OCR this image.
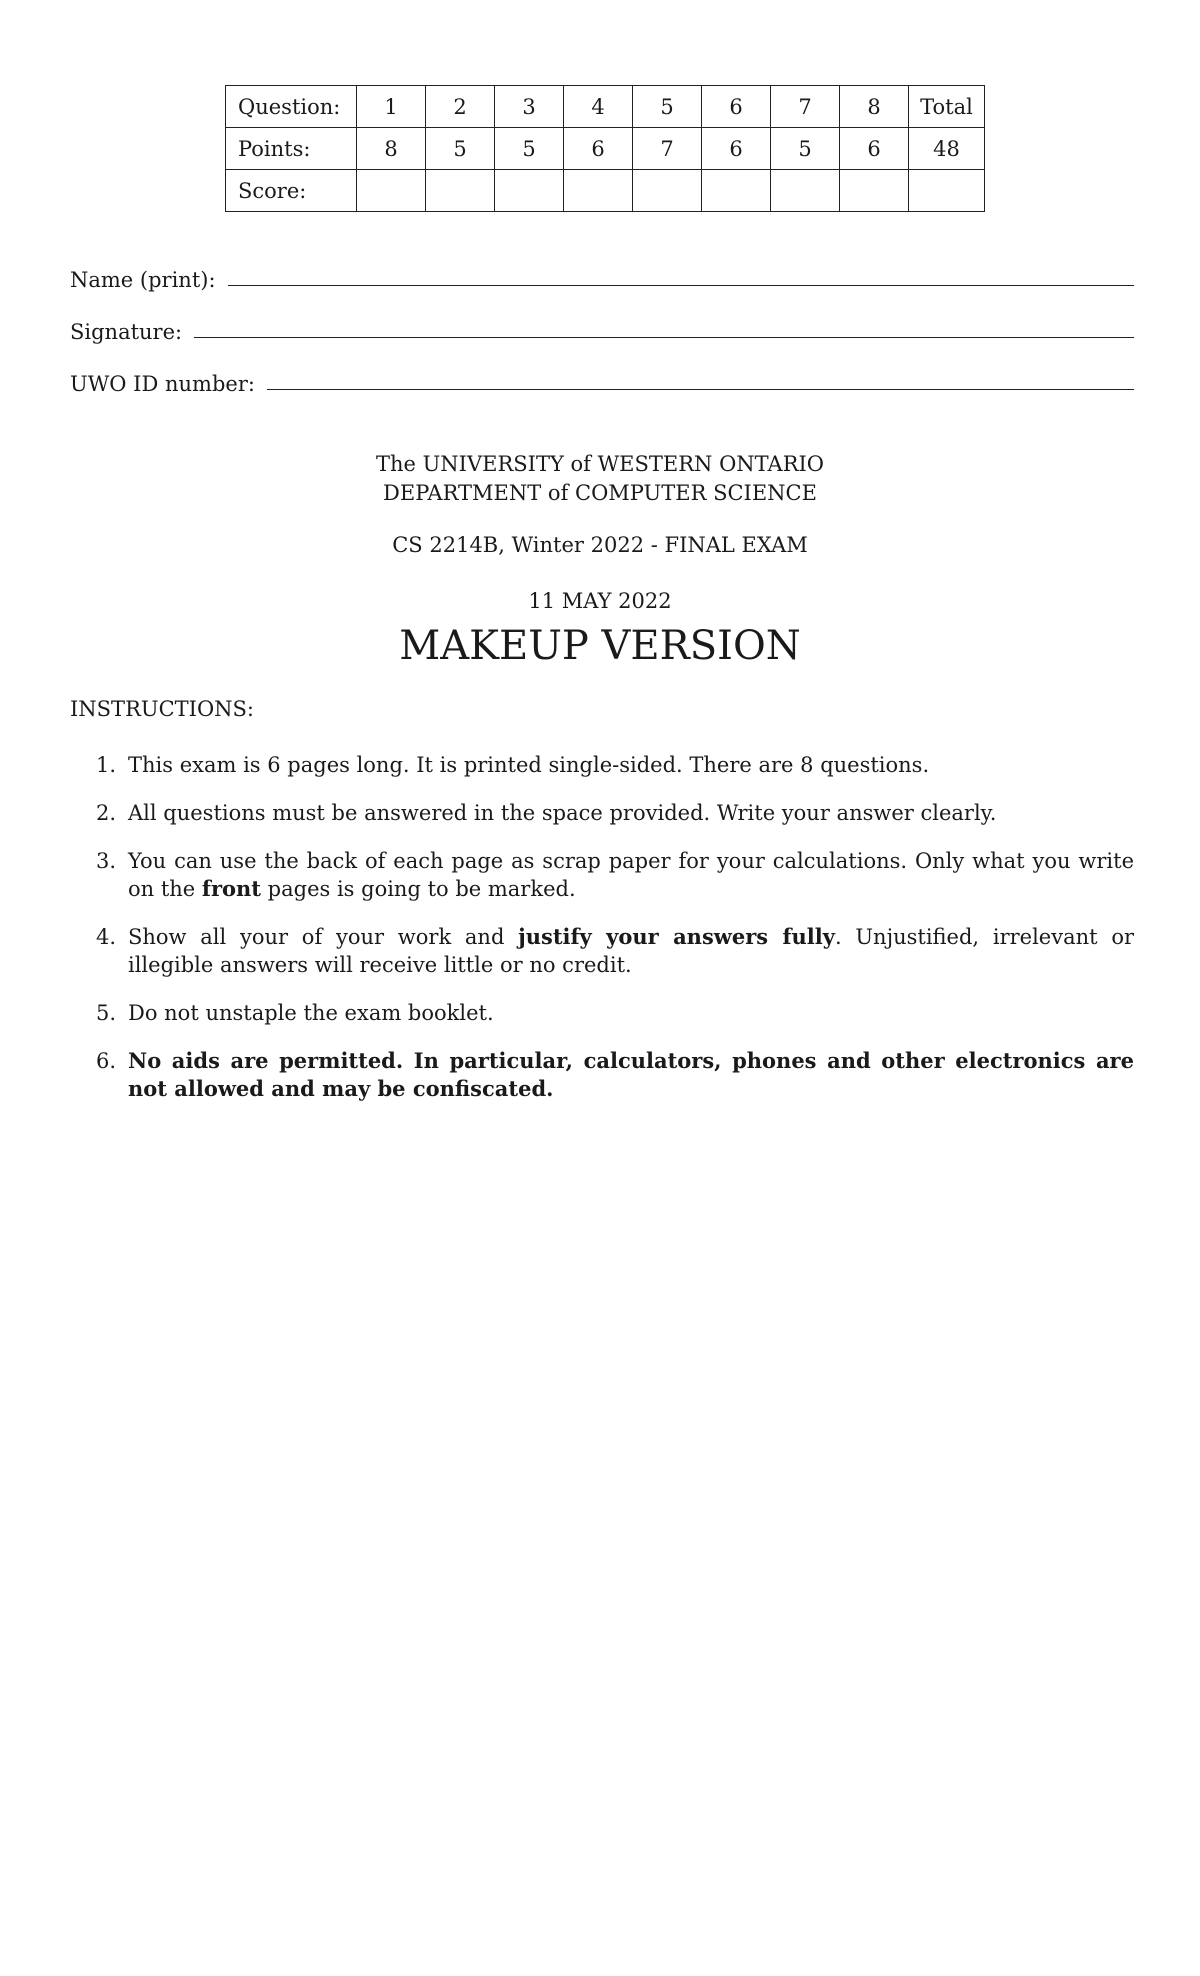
Question:	1	2	3	4	5	6	7	8	Total
Points:	8	5	5	6	7	6	5	6	48
Score:									
Name (print):
Signature:
UWO ID number:
The UNIVERSITY of WESTERN ONTARIO
DEPARTMENT of COMPUTER SCIENCE
CS 2214B, Winter 2022 - FINAL EXAM
11 MAY 2022
MAKEUP VERSION
INSTRUCTIONS:
1. This exam is 6 pages long. It is printed single-sided. There are 8 questions.
2. All questions must be answered in the space provided. Write your answer clearly.
3. You can use the back of each page as scrap paper for your calculations. Only what you write on the front pages is going to be marked.
4. Show all your of your work and justify your answers fully. Unjustified, irrelevant or illegible answers will receive little or no credit.
5. Do not unstaple the exam booklet.
6. No aids are permitted. In particular, calculators, phones and other electronics are not allowed and may be confiscated.
